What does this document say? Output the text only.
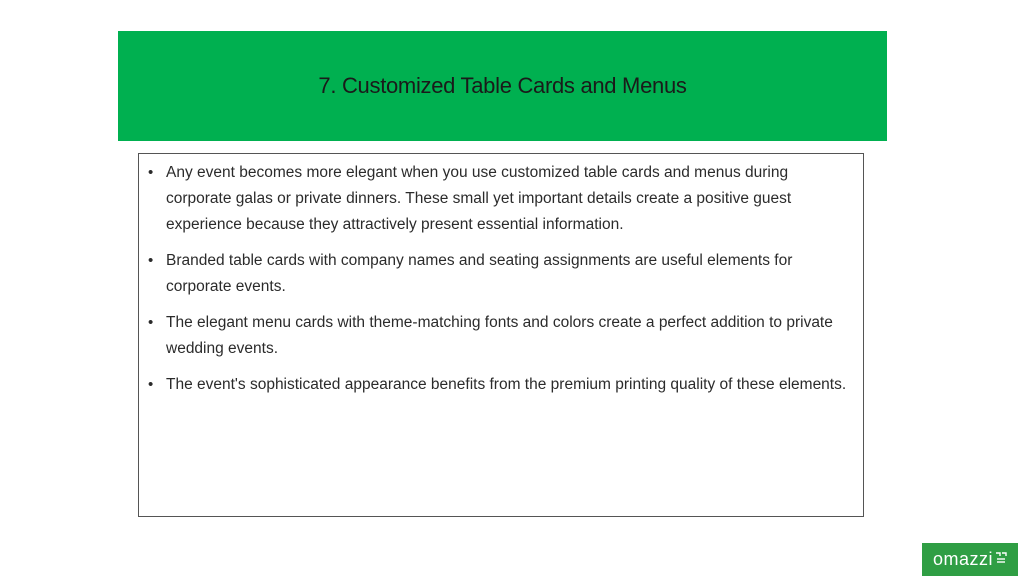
7. Customized Table Cards and Menus
• Any event becomes more elegant when you use customized table cards and menus during corporate galas or private dinners. These small yet important details create a positive guest experience because they attractively present essential information.
• Branded table cards with company names and seating assignments are useful elements for corporate events.
• The elegant menu cards with theme-matching fonts and colors create a perfect addition to private wedding events.
• The event's sophisticated appearance benefits from the premium printing quality of these elements.
omazzi
